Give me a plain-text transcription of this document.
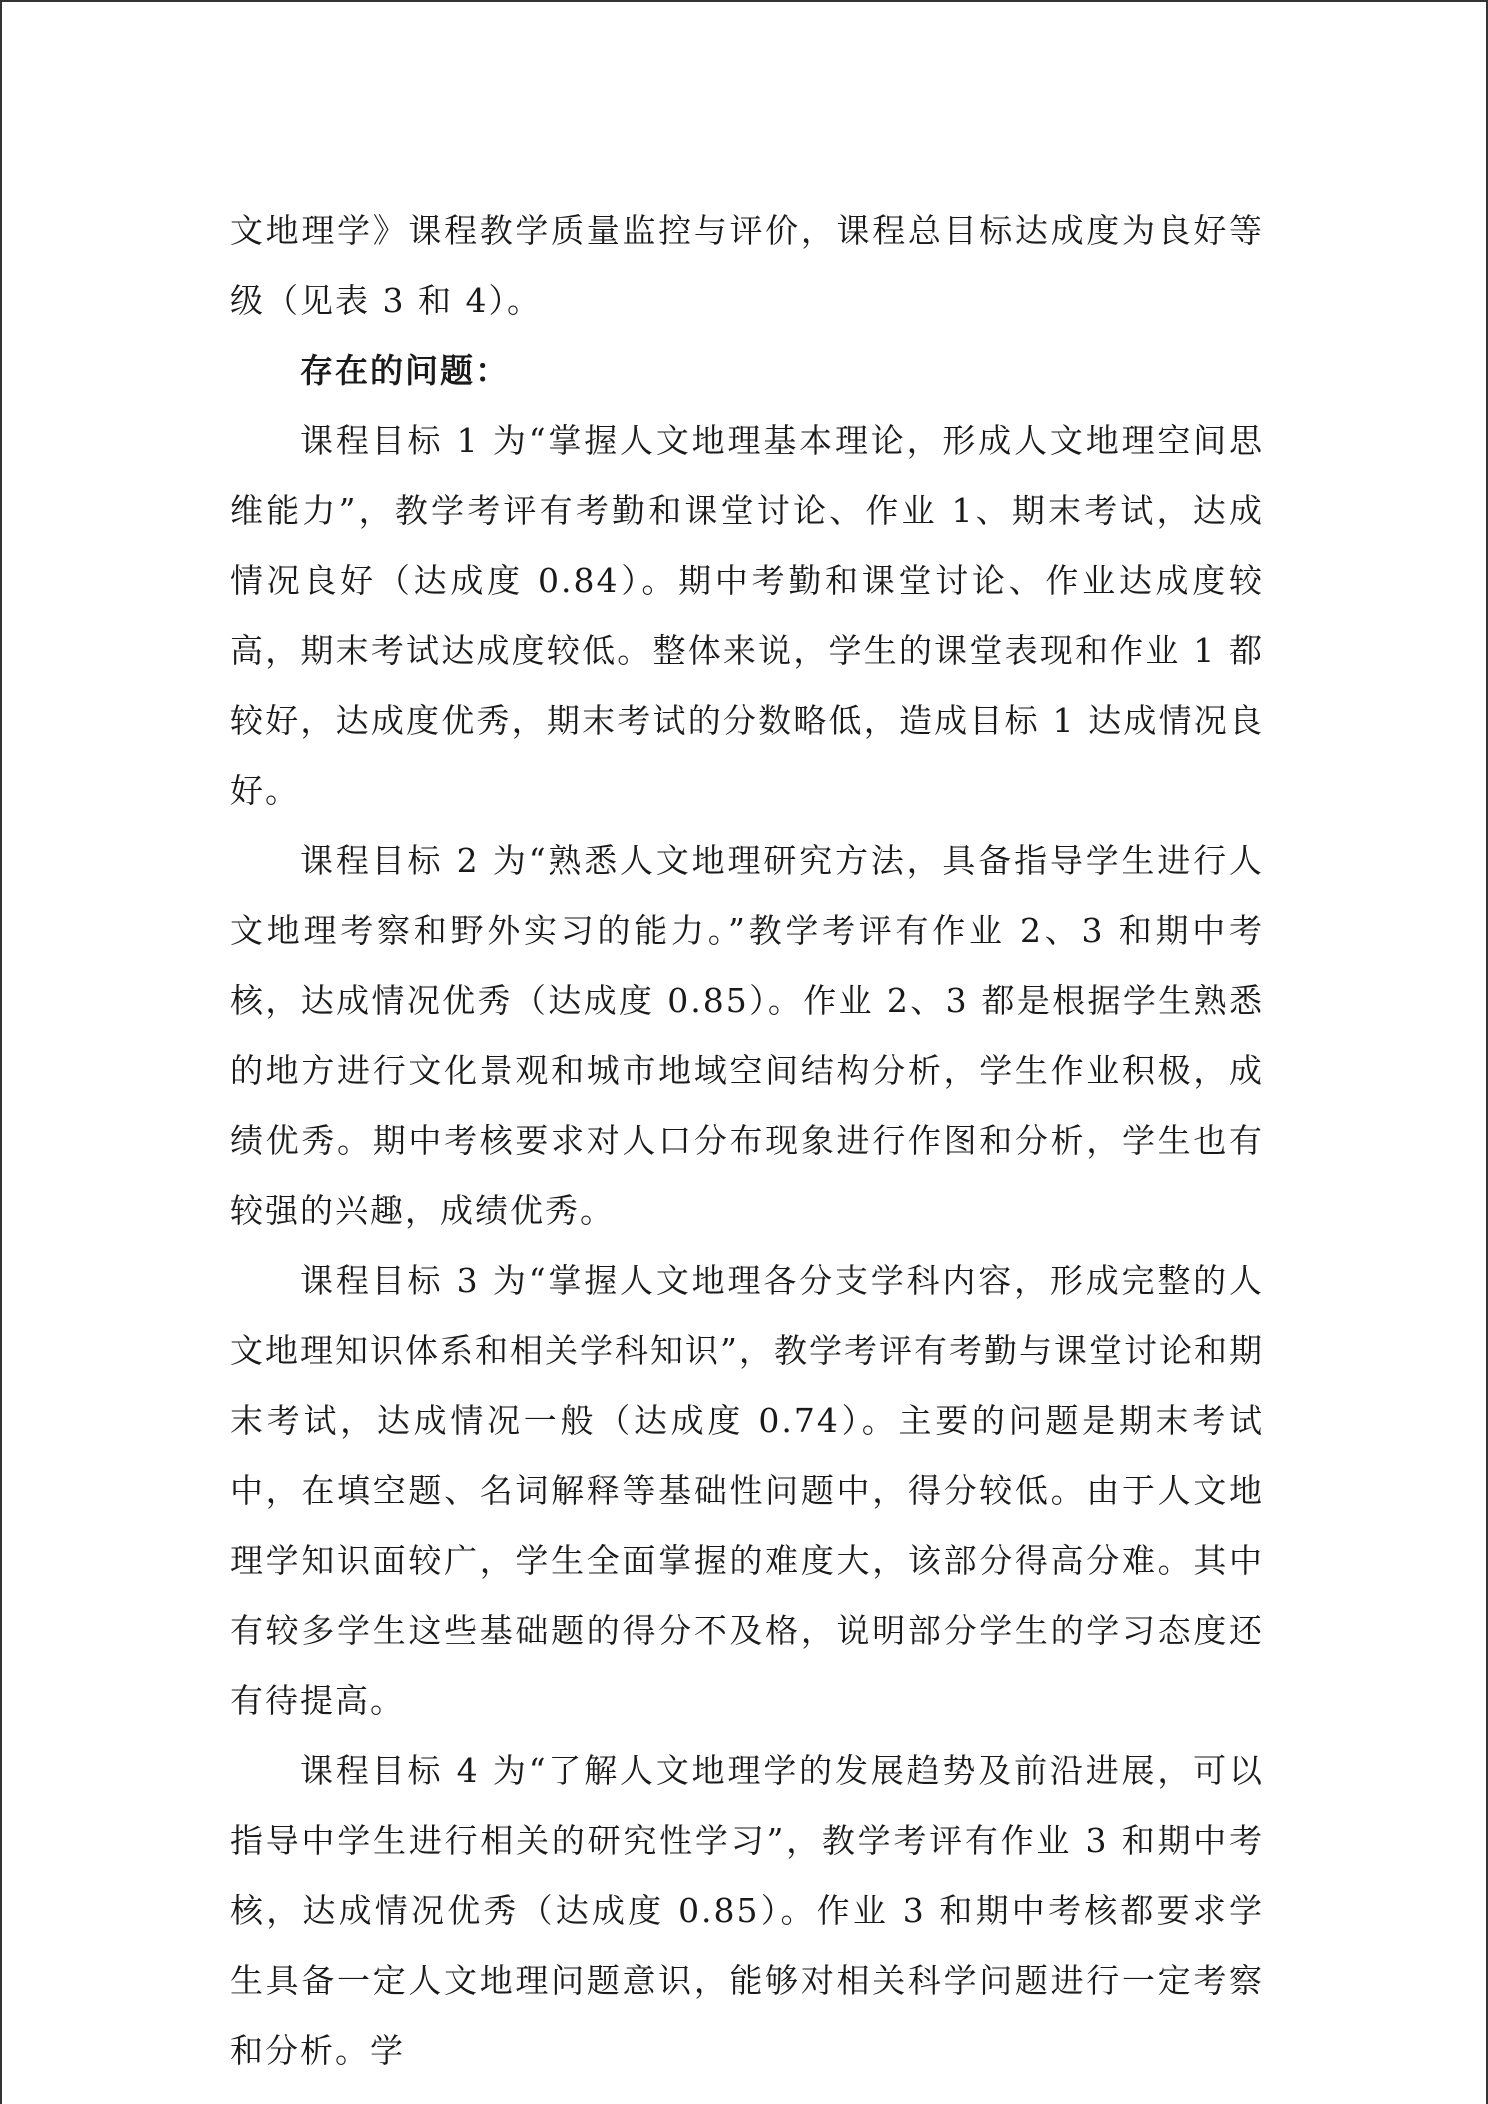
文地理学》课程教学质量监控与评价，课程总目标达成度为良好等级（见表 3 和 4）。

存在的问题：

课程目标 1 为“掌握人文地理基本理论，形成人文地理空间思维能力”，教学考评有考勤和课堂讨论、作业 1、期末考试，达成情况良好（达成度 0.84）。期中考勤和课堂讨论、作业达成度较高，期末考试达成度较低。整体来说，学生的课堂表现和作业 1 都较好，达成度优秀，期末考试的分数略低，造成目标 1 达成情况良好。

课程目标 2 为“熟悉人文地理研究方法，具备指导学生进行人文地理考察和野外实习的能力。”教学考评有作业 2、3 和期中考核，达成情况优秀（达成度 0.85）。作业 2、3 都是根据学生熟悉的地方进行文化景观和城市地域空间结构分析，学生作业积极，成绩优秀。期中考核要求对人口分布现象进行作图和分析，学生也有较强的兴趣，成绩优秀。

课程目标 3 为“掌握人文地理各分支学科内容，形成完整的人文地理知识体系和相关学科知识”，教学考评有考勤与课堂讨论和期末考试，达成情况一般（达成度 0.74）。主要的问题是期末考试中，在填空题、名词解释等基础性问题中，得分较低。由于人文地理学知识面较广，学生全面掌握的难度大，该部分得高分难。其中有较多学生这些基础题的得分不及格，说明部分学生的学习态度还有待提高。

课程目标 4 为“了解人文地理学的发展趋势及前沿进展，可以指导中学生进行相关的研究性学习”，教学考评有作业 3 和期中考核，达成情况优秀（达成度 0.85）。作业 3 和期中考核都要求学生具备一定人文地理问题意识，能够对相关科学问题进行一定考察和分析。学
